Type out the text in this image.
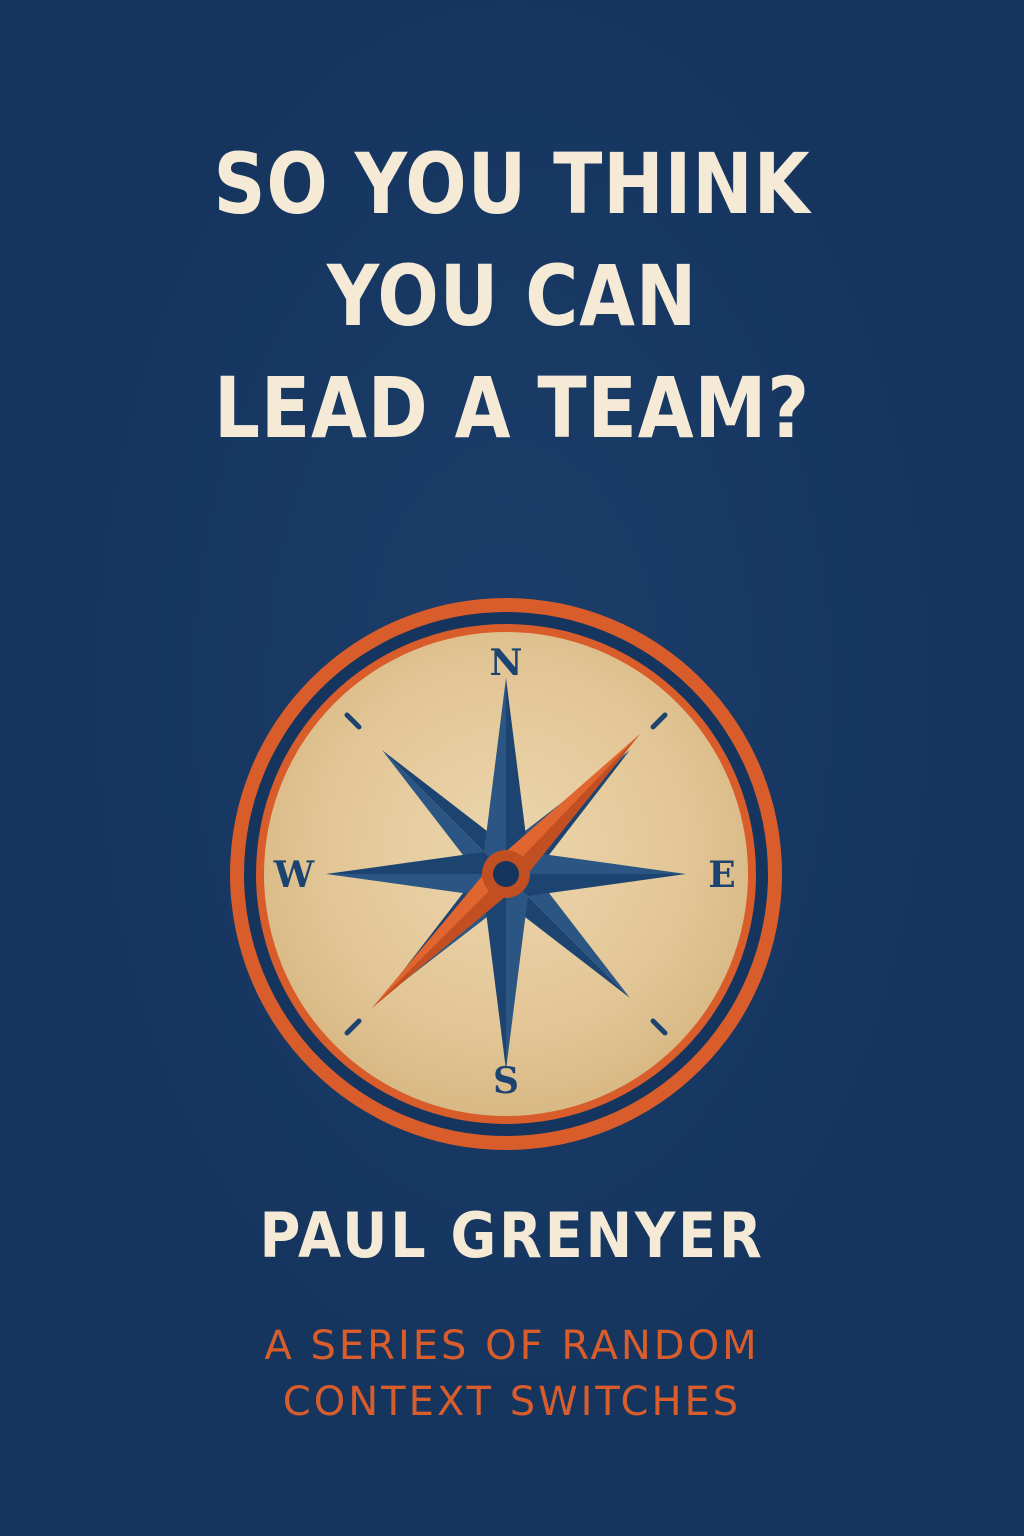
SO YOU THINK
YOU CAN
LEAD A TEAM?
N
S
W	E
PAUL GRENYER
A SERIES OF RANDOM
CONTEXT SWITCHES
